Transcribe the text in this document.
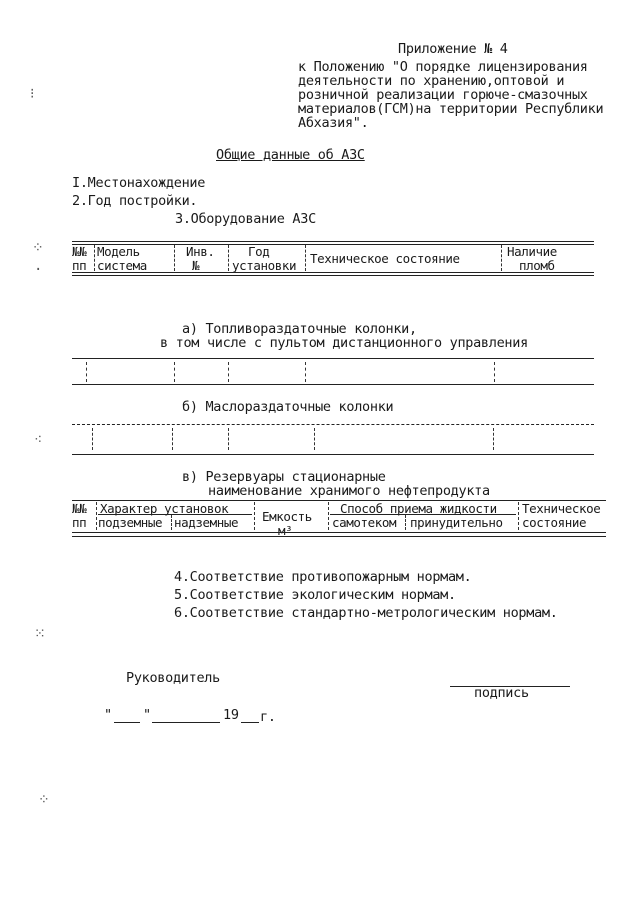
Приложение № 4
к Положению "О порядке лицензирования
деятельности по хранению,оптовой и
розничной реализации горюче-смазочных
материалов(ГСМ)на территории Республики
Абхазия".
Общие данные об АЗС
I.Местонахождение
2.Год постройки.
3.Оборудование АЗС
№№
пп
Модель
система
Инв.
№
Год
установки Техническое состояние	Наличие
пломб
а) Топливораздаточные колонки,
в том числе с пультом дистанционного управления
б) Маслораздаточные колонки
в) Резервуары стационарные
наименование хранимого нефтепродукта
№№
пп
Характер установок
подземные надземные Емкость
м³
Способ приема жидкости
самотеком принудительно
Техническое
состояние
4.Соответствие противопожарным нормам.
5.Соответствие экологическим нормам.
6.Соответствие стандартно-метрологическим нормам.
Руководитель
подпись
" "	19 г.
⁝
⁘
·
⁖
⁙
⁘
